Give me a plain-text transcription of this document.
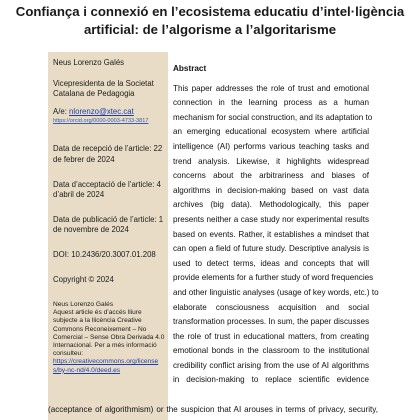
Confiança i connexió en l’ecosistema educatiu d’intel·ligència
artificial: de l’algorisme a l’algoritarisme
Neus Lorenzo Galés
Vicepresidenta de la Societat
Catalana de Pedagogia
A/e: nlorenzo@xtec.cat
https://orcid.org/0000-0003-4733-3817
Data de recepció de l’article: 22
de febrer de 2024
Data d’acceptació de l’article: 4
d’abril de 2024
Data de publicació de l’article: 1
de novembre de 2024
DOI: 10.2436/20.3007.01.208
Copyright © 2024
Neus Lorenzo Galés
Aquest article és d’accés lliure
subjecte a la llicència Creative
Commons Reconeixement – No
Comercial – Sense Obra Derivada 4.0
Internacional. Per a més informació
consulteu:
https://creativecommons.org/license
s/by-nc-nd/4.0/deed.es
Abstract
This paper addresses the role of trust and emotional
connection in the learning process as a human
mechanism for social construction, and its adaptation to
an emerging educational ecosystem where artificial
intelligence (AI) performs various teaching tasks and
trend analysis. Likewise, it highlights widespread
concerns about the arbitrariness and biases of
algorithms in decision-making based on vast data
archives (big data). Methodologically, this paper
presents neither a case study nor experimental results
based on events. Rather, it establishes a mindset that
can open a field of future study. Descriptive analysis is
used to detect terms, ideas and concepts that will
provide elements for a further study of word frequencies
and other linguistic analyses (usage of key words, etc.) to
elaborate consciousness acquisition and social
transformation processes. In sum, the paper discusses
the role of trust in educational matters, from creating
emotional bonds in the classroom to the institutional
credibility conflict arising from the use of AI algorithms
in decision-making to replace scientific evidence
(acceptance of algorithmism) or the suspicion that AI arouses in terms of privacy, security,
